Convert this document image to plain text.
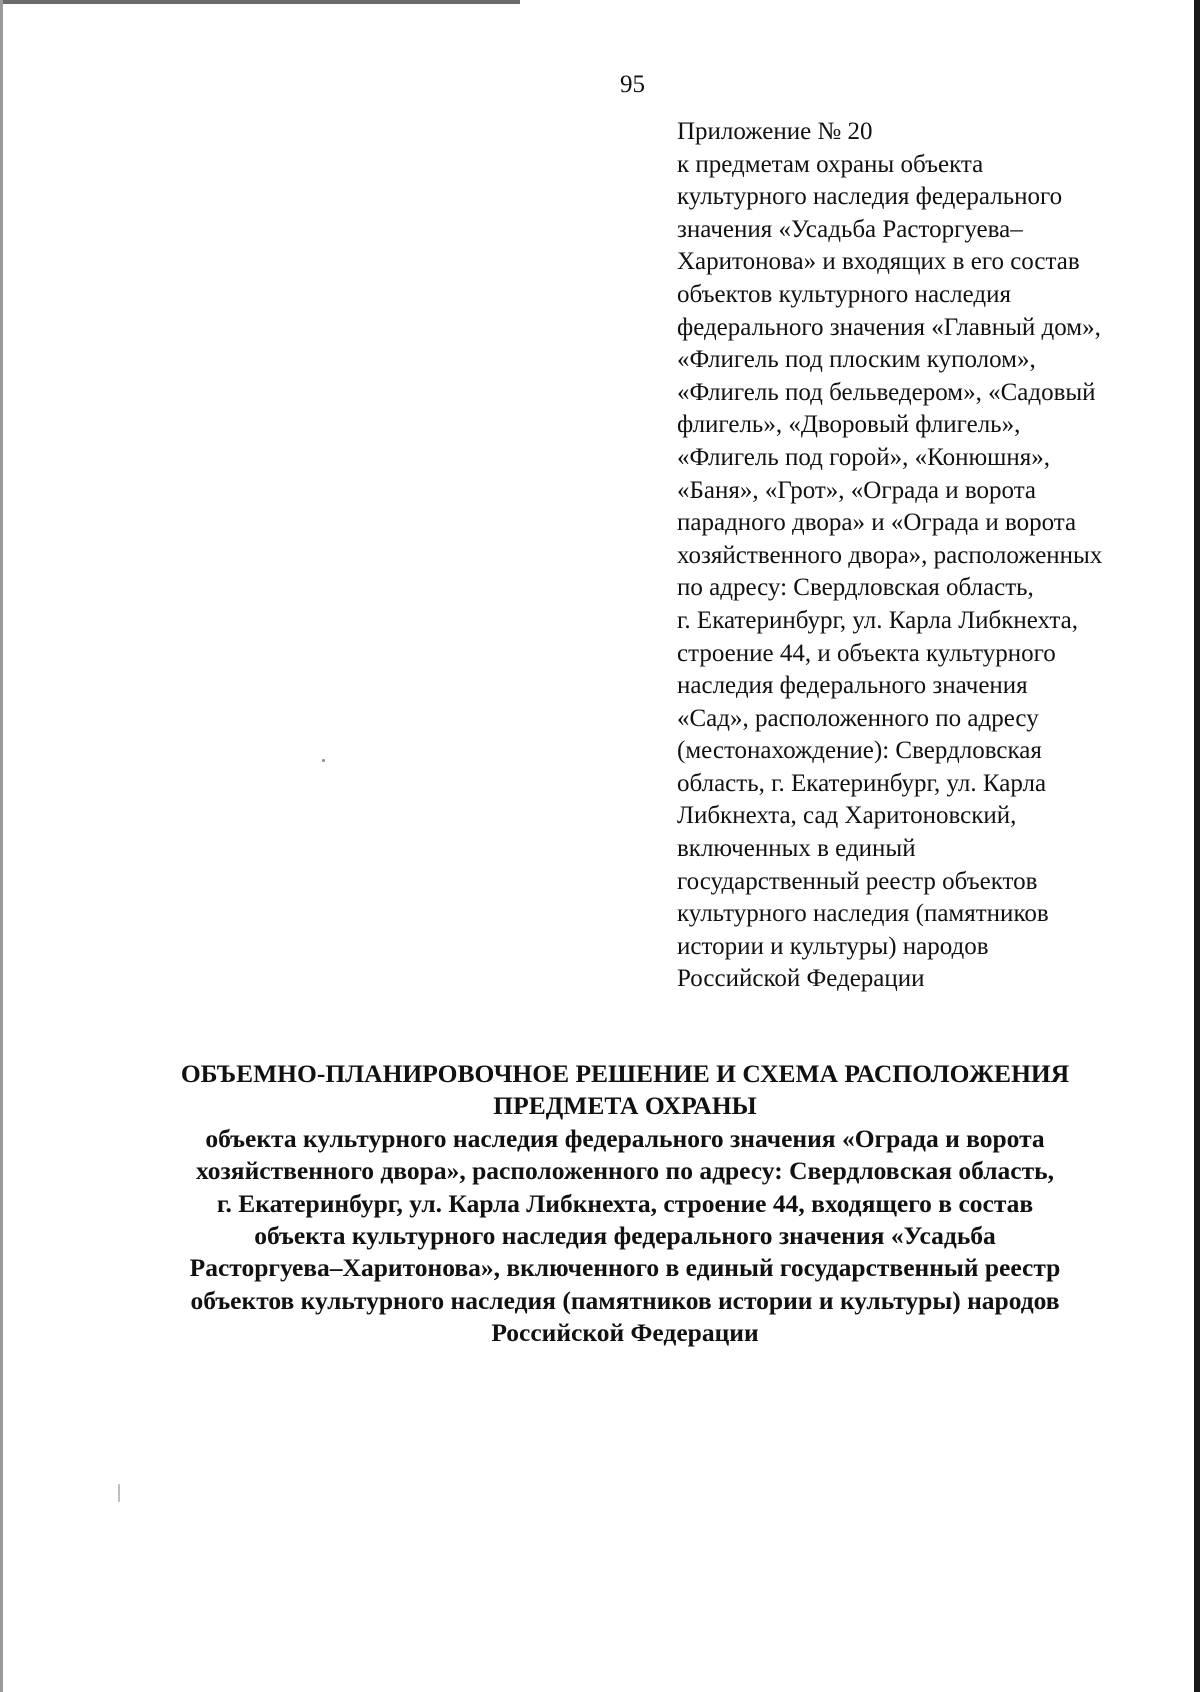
95
Приложение № 20
к предметам охраны объекта
культурного наследия федерального
значения «Усадьба Расторгуева–
Харитонова» и входящих в его состав
объектов культурного наследия
федерального значения «Главный дом»,
«Флигель под плоским куполом»,
«Флигель под бельведером», «Садовый
флигель», «Дворовый флигель»,
«Флигель под горой», «Конюшня»,
«Баня», «Грот», «Ограда и ворота
парадного двора» и «Ограда и ворота
хозяйственного двора», расположенных
по адресу: Свердловская область,
г. Екатеринбург, ул. Карла Либкнехта,
строение 44, и объекта культурного
наследия федерального значения
«Сад», расположенного по адресу
(местонахождение): Свердловская
область, г. Екатеринбург, ул. Карла
Либкнехта, сад Харитоновский,
включенных в единый
государственный реестр объектов
культурного наследия (памятников
истории и культуры) народов
Российской Федерации
ОБЪЕМНО-ПЛАНИРОВОЧНОЕ РЕШЕНИЕ И СХЕМА РАСПОЛОЖЕНИЯ
ПРЕДМЕТА ОХРАНЫ
объекта культурного наследия федерального значения «Ограда и ворота
хозяйственного двора», расположенного по адресу: Свердловская область,
г. Екатеринбург, ул. Карла Либкнехта, строение 44, входящего в состав
объекта культурного наследия федерального значения «Усадьба
Расторгуева–Харитонова», включенного в единый государственный реестр
объектов культурного наследия (памятников истории и культуры) народов
Российской Федерации
